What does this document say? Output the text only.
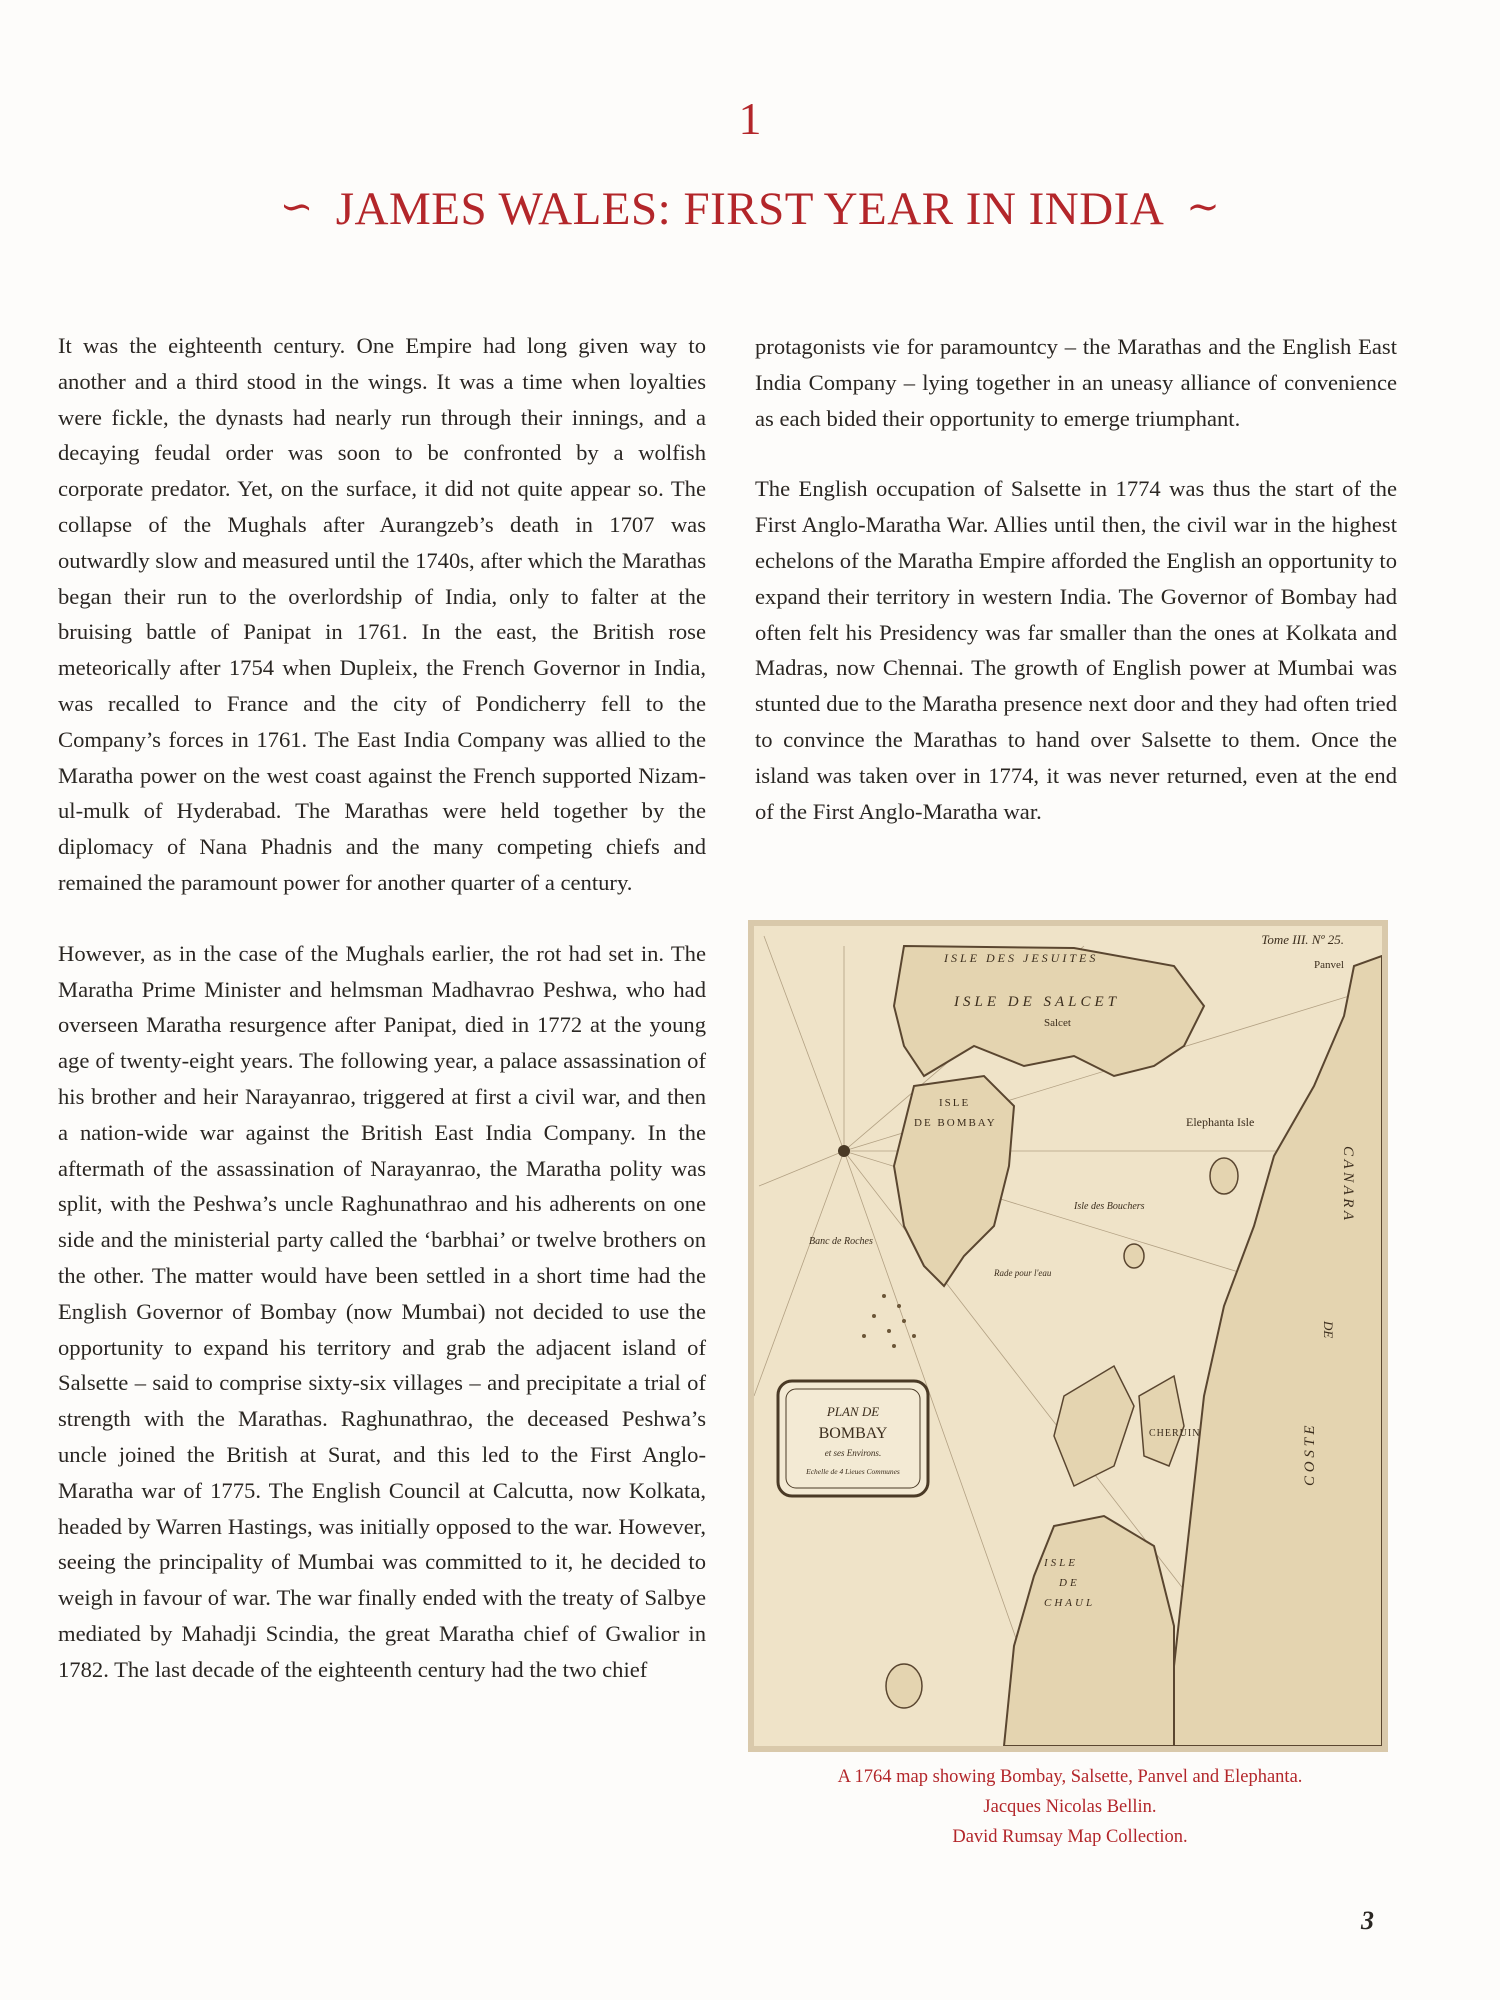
1
∽ JAMES WALES: FIRST YEAR IN INDIA ∼

It was the eighteenth century. One Empire had long given way to another and a third stood in the wings. It was a time when loyalties were fickle, the dynasts had nearly run through their innings, and a decaying feudal order was soon to be confronted by a wolfish corporate predator. Yet, on the surface, it did not quite appear so. The collapse of the Mughals after Aurangzeb’s death in 1707 was outwardly slow and measured until the 1740s, after which the Marathas began their run to the overlordship of India, only to falter at the bruising battle of Panipat in 1761. In the east, the British rose meteorically after 1754 when Dupleix, the French Governor in India, was recalled to France and the city of Pondicherry fell to the Company’s forces in 1761. The East India Company was allied to the Maratha power on the west coast against the French supported Nizam-ul-mulk of Hyderabad. The Marathas were held together by the diplomacy of Nana Phadnis and the many competing chiefs and remained the paramount power for another quarter of a century.

However, as in the case of the Mughals earlier, the rot had set in. The Maratha Prime Minister and helmsman Madhavrao Peshwa, who had overseen Maratha resurgence after Panipat, died in 1772 at the young age of twenty-eight years. The following year, a palace assassination of his brother and heir Narayanrao, triggered at first a civil war, and then a nation-wide war against the British East India Company. In the aftermath of the assassination of Narayanrao, the Maratha polity was split, with the Peshwa’s uncle Raghunathrao and his adherents on one side and the ministerial party called the ‘barbhai’ or twelve brothers on the other. The matter would have been settled in a short time had the English Governor of Bombay (now Mumbai) not decided to use the opportunity to expand his territory and grab the adjacent island of Salsette – said to comprise sixty-six villages – and precipitate a trial of strength with the Marathas. Raghunathrao, the deceased Peshwa’s uncle joined the British at Surat, and this led to the First Anglo-Maratha war of 1775. The English Council at Calcutta, now Kolkata, headed by Warren Hastings, was initially opposed to the war. However, seeing the principality of Mumbai was committed to it, he decided to weigh in favour of war. The war finally ended with the treaty of Salbye mediated by Mahadji Scindia, the great Maratha chief of Gwalior in 1782. The last decade of the eighteenth century had the two chief

protagonists vie for paramountcy – the Marathas and the English East India Company – lying together in an uneasy alliance of convenience as each bided their opportunity to emerge triumphant.

The English occupation of Salsette in 1774 was thus the start of the First Anglo-Maratha War. Allies until then, the civil war in the highest echelons of the Maratha Empire afforded the English an opportunity to expand their territory in western India. The Governor of Bombay had often felt his Presidency was far smaller than the ones at Kolkata and Madras, now Chennai. The growth of English power at Mumbai was stunted due to the Maratha presence next door and they had often tried to convince the Marathas to hand over Salsette to them. Once the island was taken over in 1774, it was never returned, even at the end of the First Anglo-Maratha war.

Tome III. Nº 25.
ISLE DES JESUITES	Panvel
ISLE DE SALCET
Salcet
ISLE
DE BOMBAY	Elephanta Isle
Isle des Bouchers
Banc de Roches
Rade pour l'eau
CHERUIN
ISLE
DE
CHAUL
C A N A R A
DE
C O S T E
PLAN DE
BOMBAY
et ses Environs.
Echelle de 4 Lieues Communes
A 1764 map showing Bombay, Salsette, Panvel and Elephanta.
Jacques Nicolas Bellin.
David Rumsay Map Collection.
3
